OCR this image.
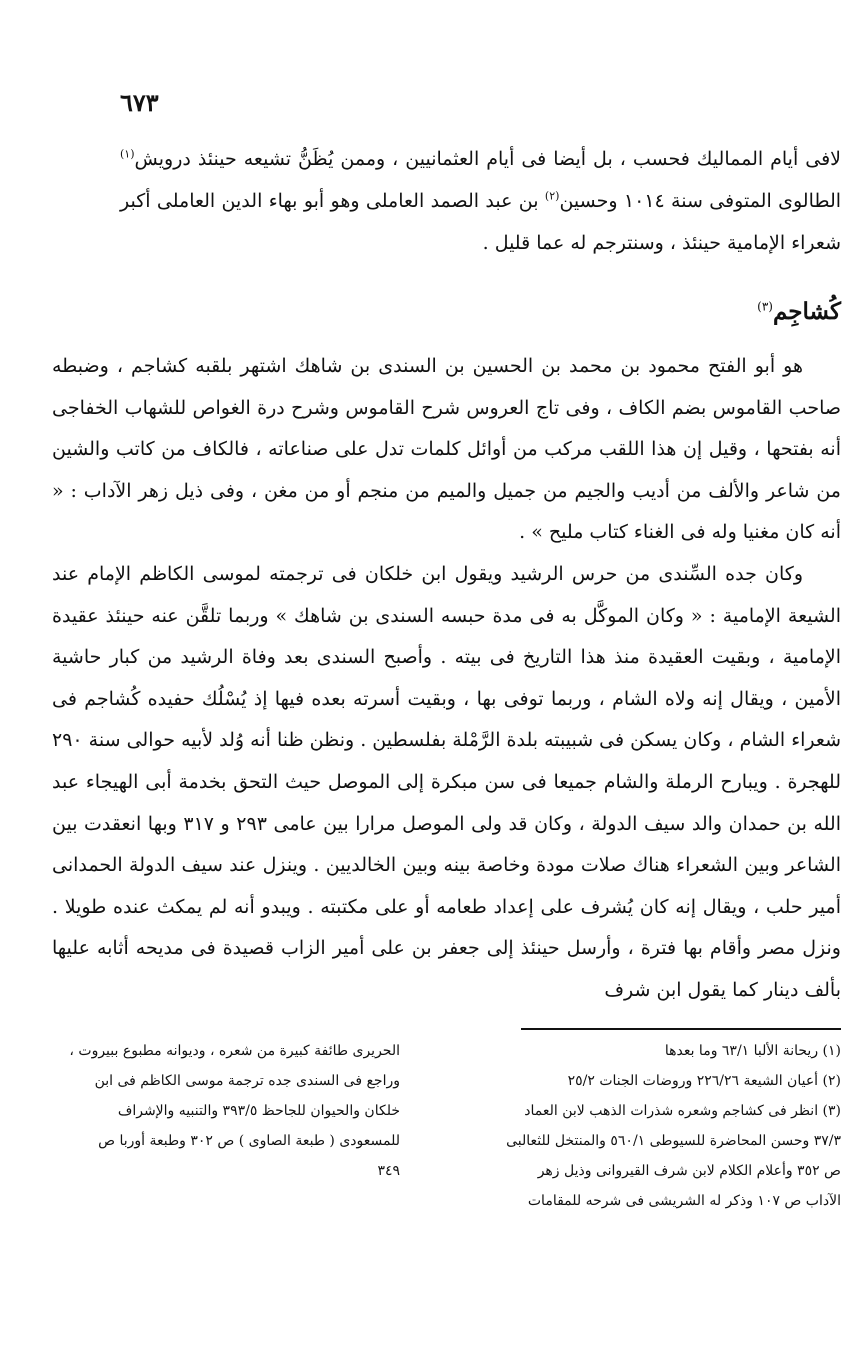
٦٧٣

لافى أيام المماليك فحسب ، بل أيضا فى أيام العثمانيين ، وممن يُظَنُّ تشيعه حينئذ درويش$^{(١)}$ الطالوى المتوفى سنة ١٠١٤ وحسين$^{(٢)}$ بن عبد الصمد العاملى وهو أبو بهاء الدين العاملى أكبر شعراء الإمامية حينئذ ، وسنترجم له عما قليل .

كُشاجِم$^{(٣)}$

هو أبو الفتح محمود بن محمد بن الحسين بن السندى بن شاهك اشتهر بلقبه كشاجم ، وضبطه صاحب القاموس بضم الكاف ، وفى تاج العروس شرح القاموس وشرح درة الغواص للشهاب الخفاجى أنه بفتحها ، وقيل إن هذا اللقب مركب من أوائل كلمات تدل على صناعاته ، فالكاف من كاتب والشين من شاعر والألف من أديب والجيم من جميل والميم من منجم أو من مغن ، وفى ذيل زهر الآداب : « أنه كان مغنيا وله فى الغناء كتاب مليح » .

وكان جده السِّندى من حرس الرشيد ويقول ابن خلكان فى ترجمته لموسى الكاظم الإمام عند الشيعة الإمامية : « وكان الموكَّل به فى مدة حبسه السندى بن شاهك » وربما تلقَّن عنه حينئذ عقيدة الإمامية ، وبقيت العقيدة منذ هذا التاريخ فى بيته . وأصبح السندى بعد وفاة الرشيد من كبار حاشية الأمين ، ويقال إنه ولاه الشام ، وربما توفى بها ، وبقيت أسرته بعده فيها إذ يُسْلُك حفيده كُشاجم فى شعراء الشام ، وكان يسكن فى شبيبته بلدة الرَّمْلة بفلسطين . ونظن ظنا أنه وُلد لأبيه حوالى سنة ٢٩٠ للهجرة . ويبارح الرملة والشام جميعا فى سن مبكرة إلى الموصل حيث التحق بخدمة أبى الهيجاء عبد الله بن حمدان والد سيف الدولة ، وكان قد ولى الموصل مرارا بين عامى ٢٩٣ و ٣١٧ وبها انعقدت بين الشاعر وبين الشعراء هناك صلات مودة وخاصة بينه وبين الخالديين . وينزل عند سيف الدولة الحمدانى أمير حلب ، ويقال إنه كان يُشرف على إعداد طعامه أو على مكتبته . ويبدو أنه لم يمكث عنده طويلا . ونزل مصر وأقام بها فترة ، وأرسل حينئذ إلى جعفر بن على أمير الزاب قصيدة فى مديحه أثابه عليها بألف دينار كما يقول ابن شرف

(١) ريحانة الألبا ٦٣/١ وما بعدها
(٢) أعيان الشيعة ٢٢٦/٢٦ وروضات الجنات ٢٥/٢
(٣) انظر فى كشاجم وشعره شذرات الذهب لابن العماد
٣٧/٣ وحسن المحاضرة للسيوطى ٥٦٠/١ والمنتخل للثعالبى
ص ٣٥٢ وأعلام الكلام لابن شرف القيروانى وذيل زهر
الآداب ص ١٠٧ وذكر له الشريشى فى شرحه للمقامات
الحريرى طائفة كبيرة من شعره ، وديوانه مطبوع ببيروت ،
وراجع فى السندى جده ترجمة موسى الكاظم فى ابن
خلكان والحيوان للجاحظ ٣٩٣/٥ والتنبيه والإشراف
للمسعودى ( طبعة الصاوى ) ص ٣٠٢ وطبعة أوربا ص
٣٤٩
